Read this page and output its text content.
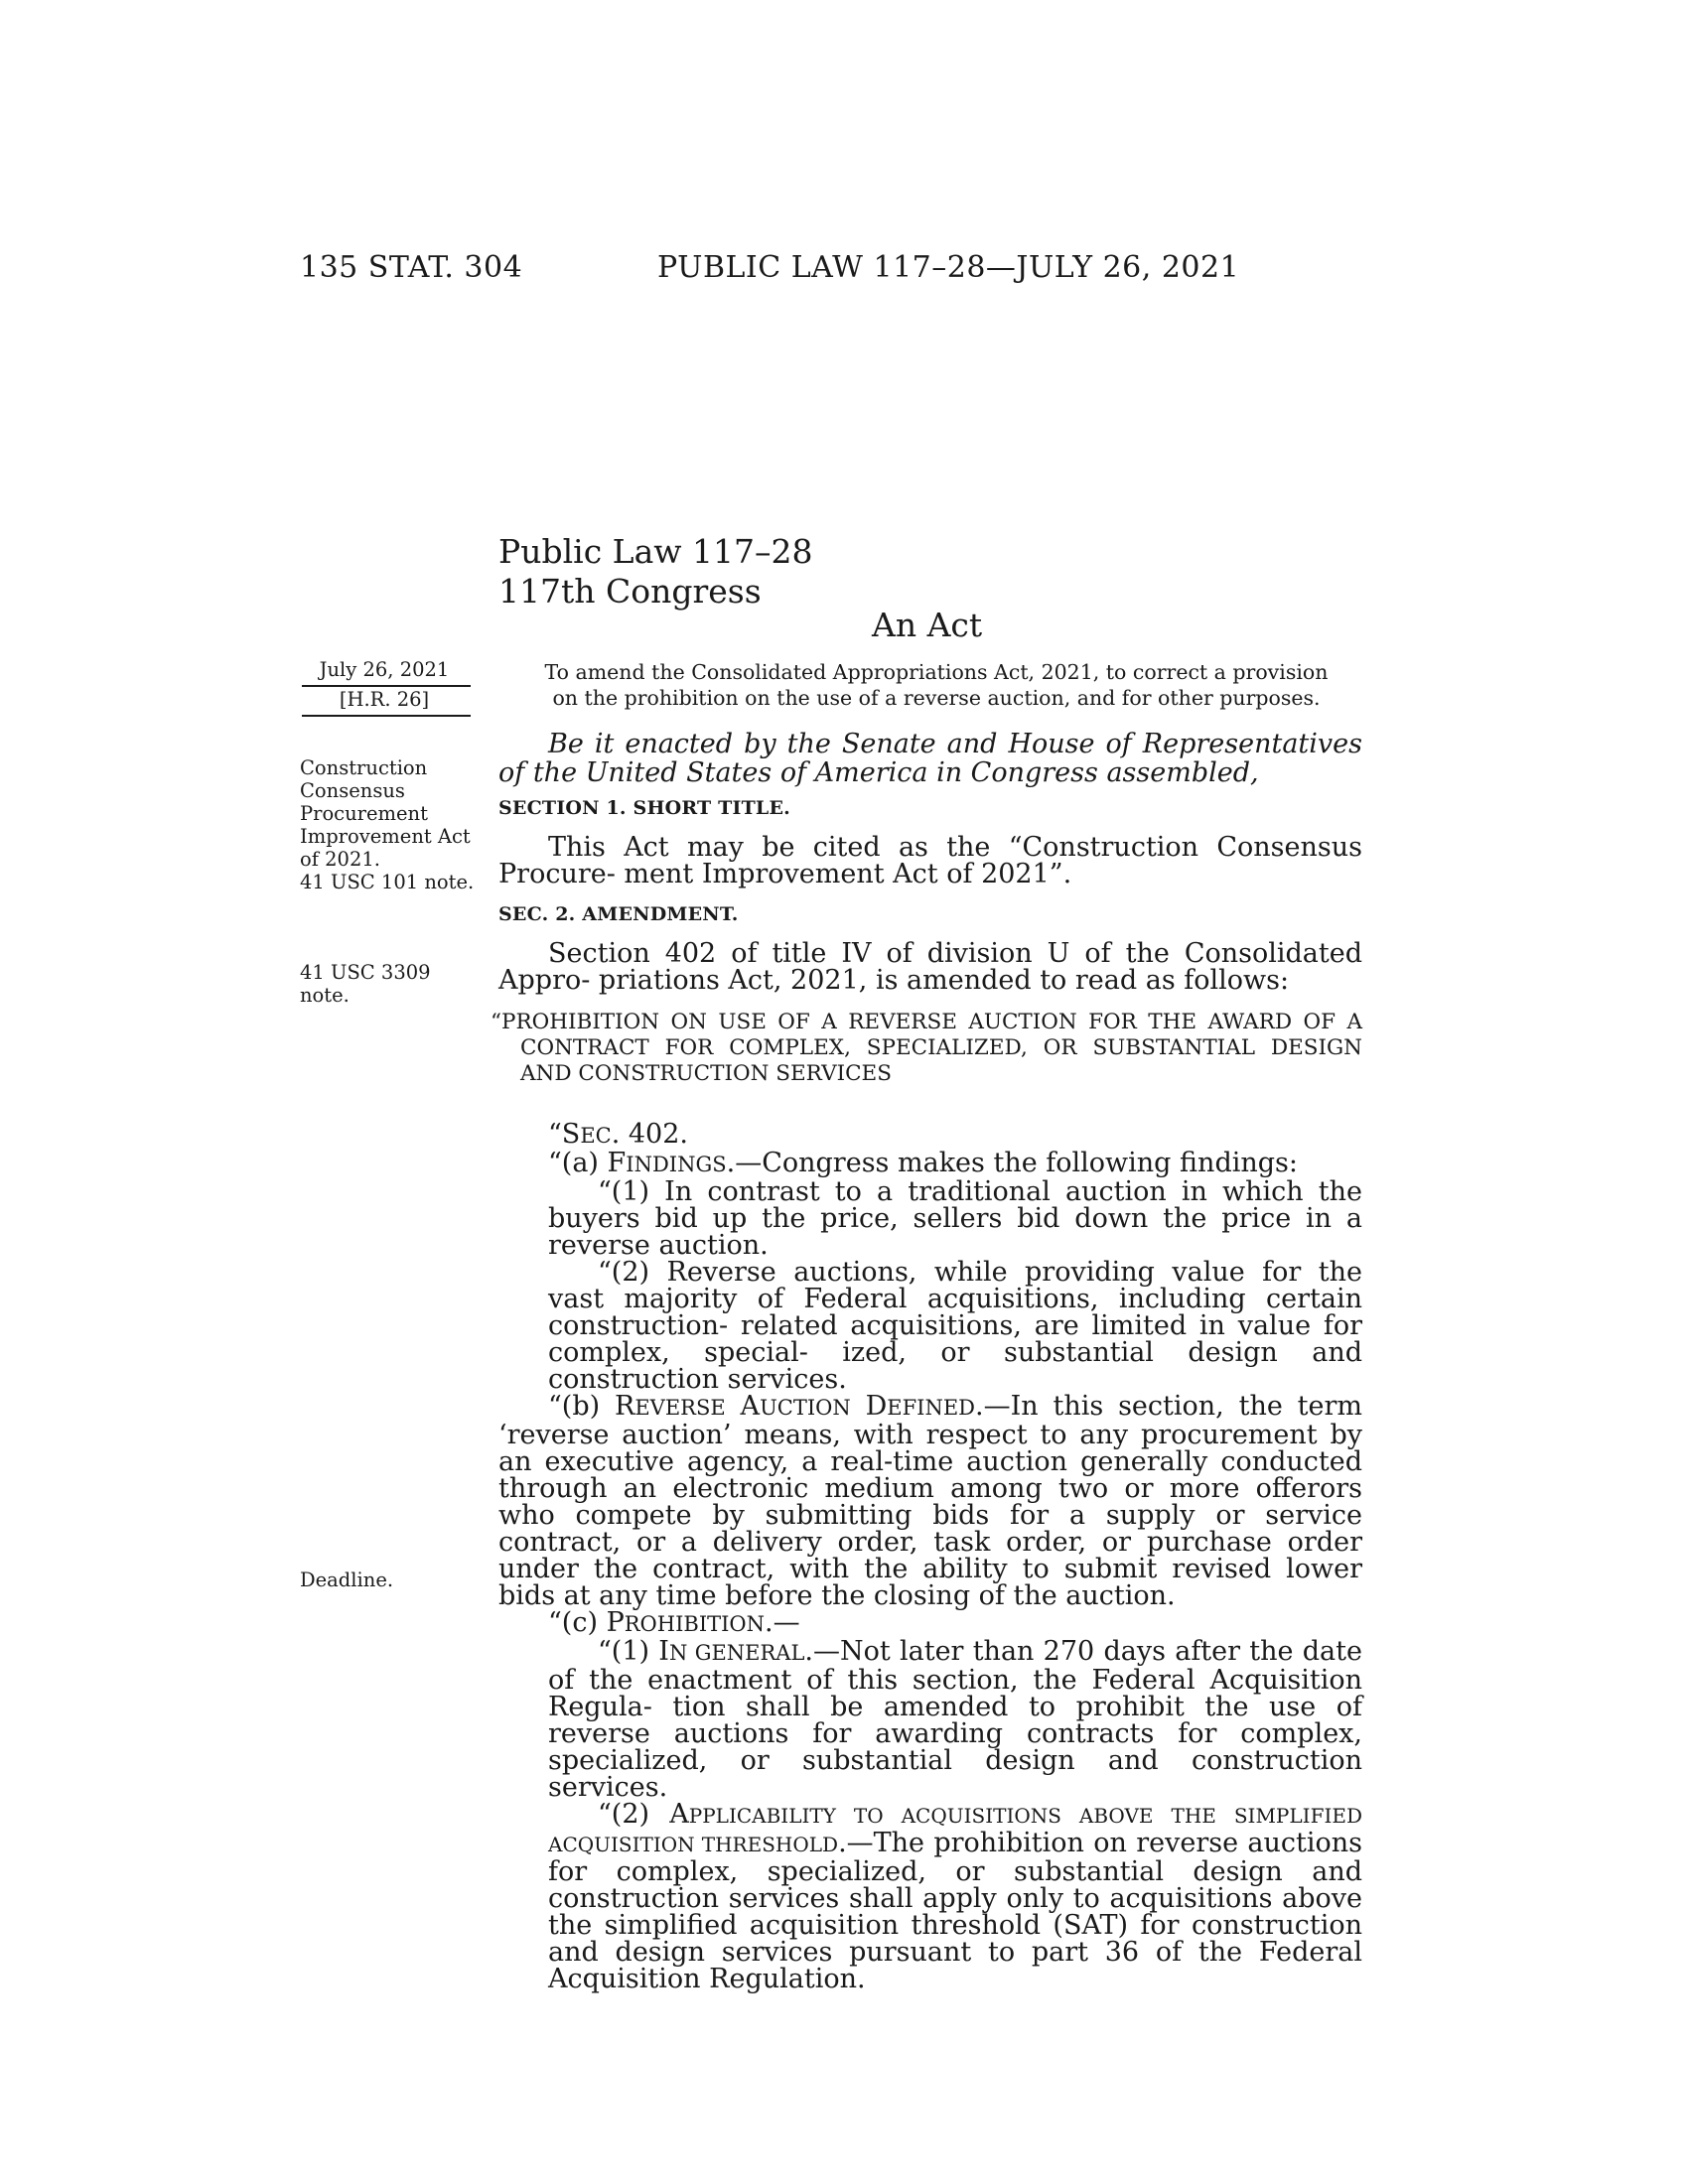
135 STAT. 304	PUBLIC LAW 117–28—JULY 26, 2021
Public Law 117–28
117th Congress
An Act
July 26, 2021
[H.R. 26]
Construction
Consensus
Procurement
Improvement Act
of 2021.
41 USC 101 note.
41 USC 3309
note.
Deadline.
To amend the Consolidated Appropriations Act, 2021, to correct a provision on the prohibition on the use of a reverse auction, and for other purposes.

Be it enacted by the Senate and House of Representatives of the United States of America in Congress assembled,

SECTION 1. SHORT TITLE.

This Act may be cited as the “Construction Consensus Procure- ment Improvement Act of 2021”.

SEC. 2. AMENDMENT.

Section 402 of title IV of division U of the Consolidated Appro- priations Act, 2021, is amended to read as follows:

“PROHIBITION ON USE OF A REVERSE AUCTION FOR THE AWARD OF A CONTRACT FOR COMPLEX, SPECIALIZED, OR SUBSTANTIAL DESIGN AND CONSTRUCTION SERVICES

“SEC. 402.

“(a) FINDINGS.—Congress makes the following findings:

“(1) In contrast to a traditional auction in which the buyers bid up the price, sellers bid down the price in a reverse auction.

“(2) Reverse auctions, while providing value for the vast majority of Federal acquisitions, including certain construction- related acquisitions, are limited in value for complex, special- ized, or substantial design and construction services.

“(b) REVERSE AUCTION DEFINED.—In this section, the term ‘reverse auction’ means, with respect to any procurement by an executive agency, a real-time auction generally conducted through an electronic medium among two or more offerors who compete by submitting bids for a supply or service contract, or a delivery order, task order, or purchase order under the contract, with the ability to submit revised lower bids at any time before the closing of the auction.

“(c) PROHIBITION.—

“(1) IN GENERAL.—Not later than 270 days after the date of the enactment of this section, the Federal Acquisition Regula- tion shall be amended to prohibit the use of reverse auctions for awarding contracts for complex, specialized, or substantial design and construction services.

“(2) APPLICABILITY TO ACQUISITIONS ABOVE THE SIMPLIFIED ACQUISITION THRESHOLD.—The prohibition on reverse auctions for complex, specialized, or substantial design and construction services shall apply only to acquisitions above the simplified acquisition threshold (SAT) for construction and design services pursuant to part 36 of the Federal Acquisition Regulation.
